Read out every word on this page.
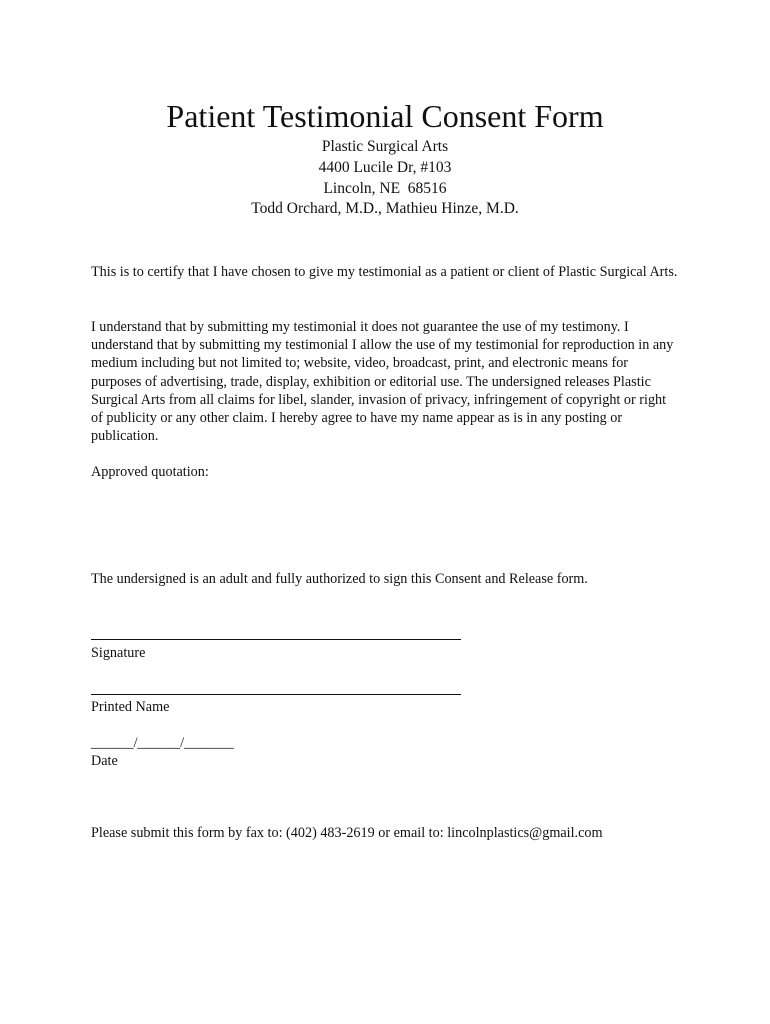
Patient Testimonial Consent Form
Plastic Surgical Arts
4400 Lucile Dr, #103
Lincoln, NE  68516
Todd Orchard, M.D., Mathieu Hinze, M.D.

This is to certify that I have chosen to give my testimonial as a patient or client of Plastic Surgical Arts.

I understand that by submitting my testimonial it does not guarantee the use of my testimony. I understand that by submitting my testimonial I allow the use of my testimonial for reproduction in any medium including but not limited to; website, video, broadcast, print, and electronic means for purposes of advertising, trade, display, exhibition or editorial use. The undersigned releases Plastic Surgical Arts from all claims for libel, slander, invasion of privacy, infringement of copyright or right of publicity or any other claim. I hereby agree to have my name appear as is in any posting or publication.

Approved quotation:

The undersigned is an adult and fully authorized to sign this Consent and Release form.

Signature
Printed Name
______/______/_______
Date
Please submit this form by fax to: (402) 483-2619 or email to: lincolnplastics@gmail.com
